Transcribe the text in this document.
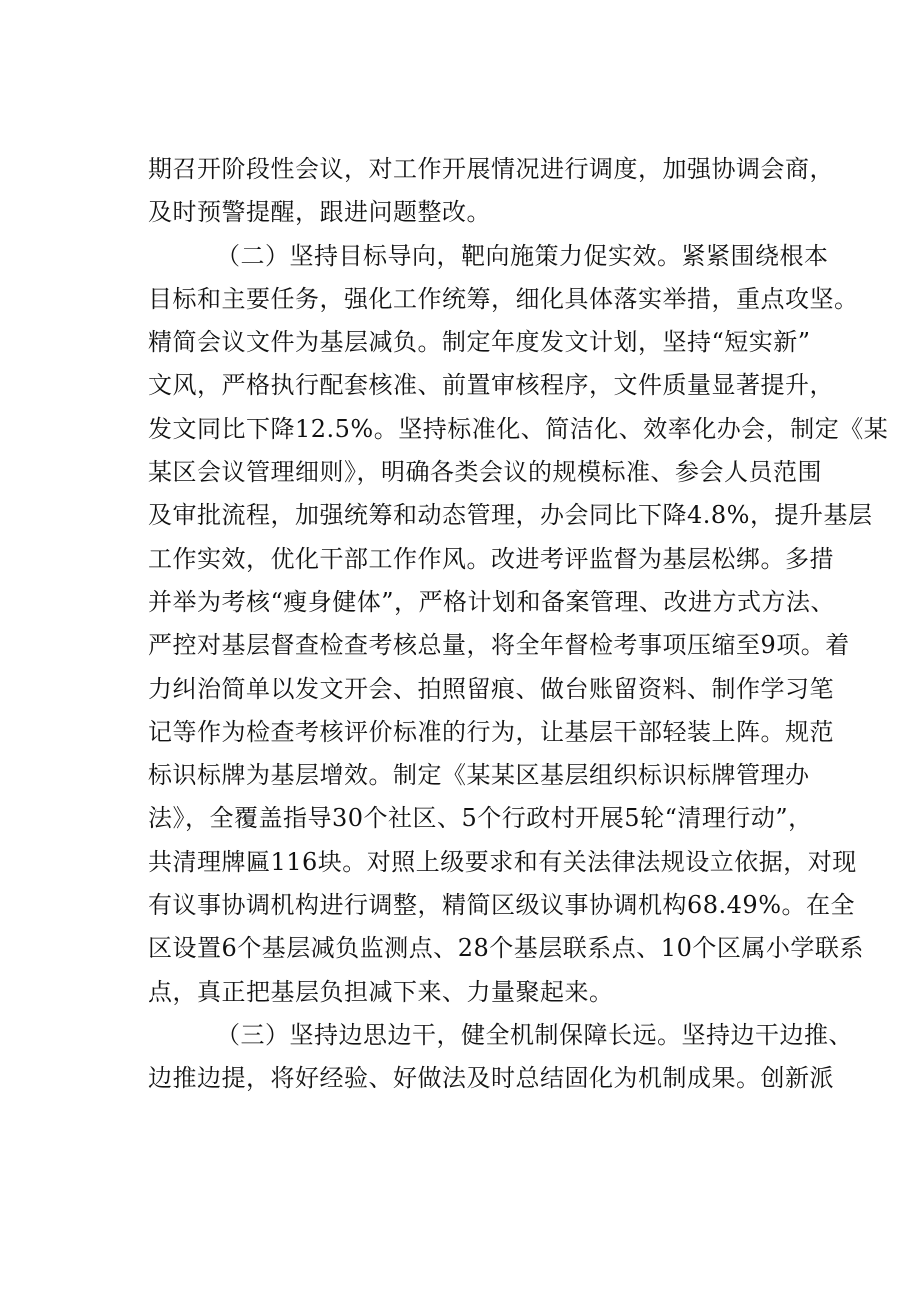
期召开阶段性会议，对工作开展情况进行调度，加强协调会商，
及时预警提醒，跟进问题整改。
（二）坚持目标导向，靶向施策力促实效。紧紧围绕根本
目标和主要任务，强化工作统筹，细化具体落实举措，重点攻坚。
精简会议文件为基层减负。制定年度发文计划，坚持“短实新”
文风，严格执行配套核准、前置审核程序，文件质量显著提升，
发文同比下降12.5%。坚持标准化、简洁化、效率化办会，制定《某
某区会议管理细则》，明确各类会议的规模标准、参会人员范围
及审批流程，加强统筹和动态管理，办会同比下降4.8%，提升基层
工作实效，优化干部工作作风。改进考评监督为基层松绑。多措
并举为考核“瘦身健体”，严格计划和备案管理、改进方式方法、
严控对基层督查检查考核总量，将全年督检考事项压缩至9项。着
力纠治简单以发文开会、拍照留痕、做台账留资料、制作学习笔
记等作为检查考核评价标准的行为，让基层干部轻装上阵。规范
标识标牌为基层增效。制定《某某区基层组织标识标牌管理办
法》，全覆盖指导30个社区、5个行政村开展5轮“清理行动”，
共清理牌匾116块。对照上级要求和有关法律法规设立依据，对现
有议事协调机构进行调整，精简区级议事协调机构68.49%。在全
区设置6个基层减负监测点、28个基层联系点、10个区属小学联系
点，真正把基层负担减下来、力量聚起来。
（三）坚持边思边干，健全机制保障长远。坚持边干边推、
边推边提，将好经验、好做法及时总结固化为机制成果。创新派
